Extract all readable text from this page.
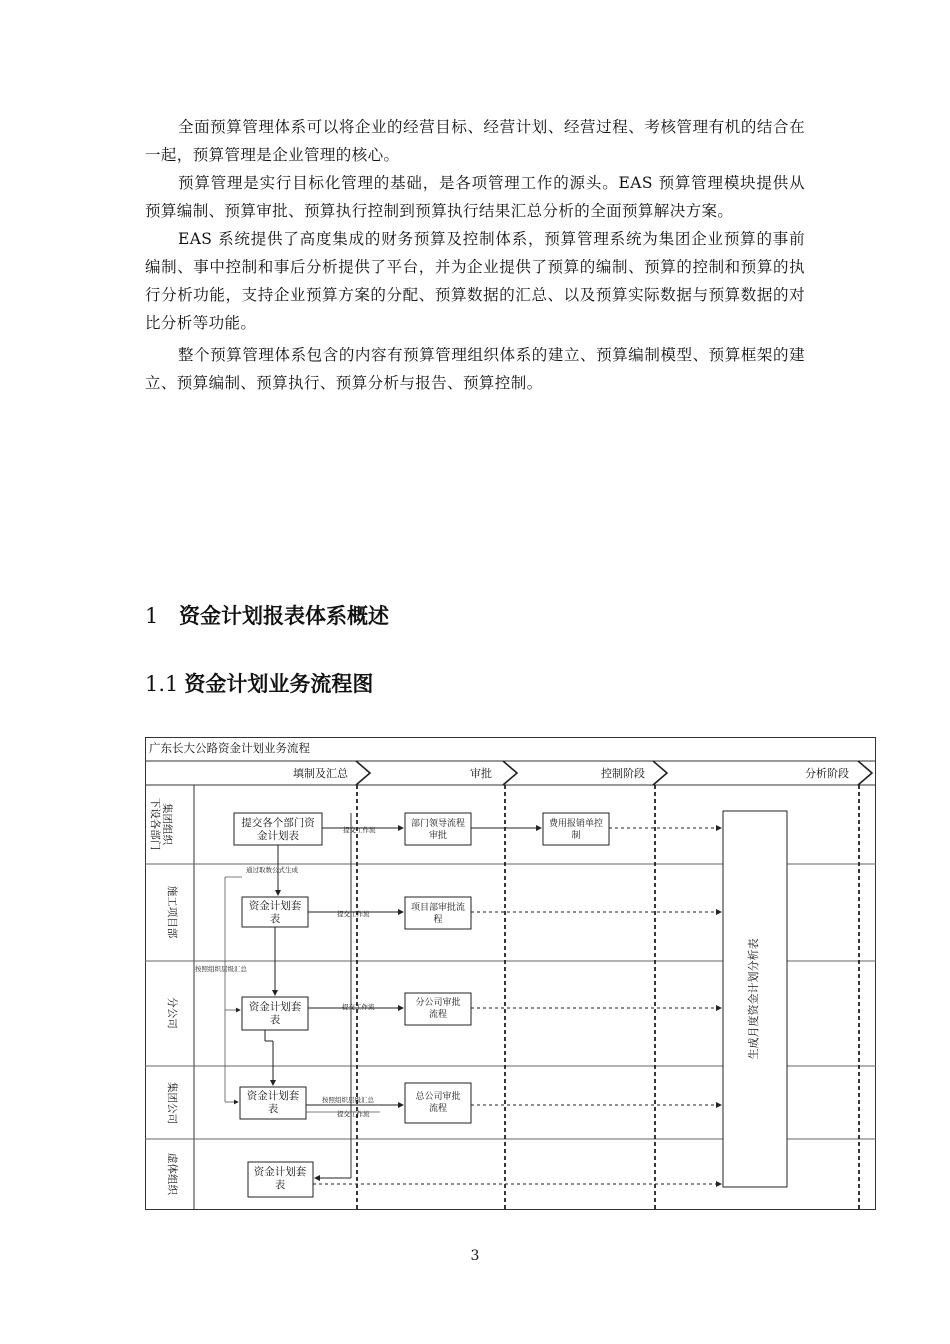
全面预算管理体系可以将企业的经营目标、经营计划、经营过程、考核管理有机的结合在一起，预算管理是企业管理的核心。

预算管理是实行目标化管理的基础，是各项管理工作的源头。EAS 预算管理模块提供从预算编制、预算审批、预算执行控制到预算执行结果汇总分析的全面预算解决方案。

EAS 系统提供了高度集成的财务预算及控制体系，预算管理系统为集团企业预算的事前编制、事中控制和事后分析提供了平台，并为企业提供了预算的编制、预算的控制和预算的执行分析功能，支持企业预算方案的分配、预算数据的汇总、以及预算实际数据与预算数据的对比分析等功能。

整个预算管理体系包含的内容有预算管理组织体系的建立、预算编制模型、预算框架的建立、预算编制、预算执行、预算分析与报告、预算控制。

1 资金计划报表体系概述
1.1 资金计划业务流程图
广东长大公路资金计划业务流程
填制及汇总	审批	控制阶段	分析阶段
集团组织下设各部门
施工项目部
分公司
集团公司
虚体组织
提交各个部门资金计划表
资金计划套表
资金计划套表
资金计划套表
资金计划套表
部门领导流程审批
项目部审批流程
分公司审批流程
总公司审批流程
费用报销单控制
生成月度资金计划分析表
提交工作流
提交工作流
提交工作流
按照组织层级汇总
提交工作流
通过取数公式生成
按照组织层级汇总
3
